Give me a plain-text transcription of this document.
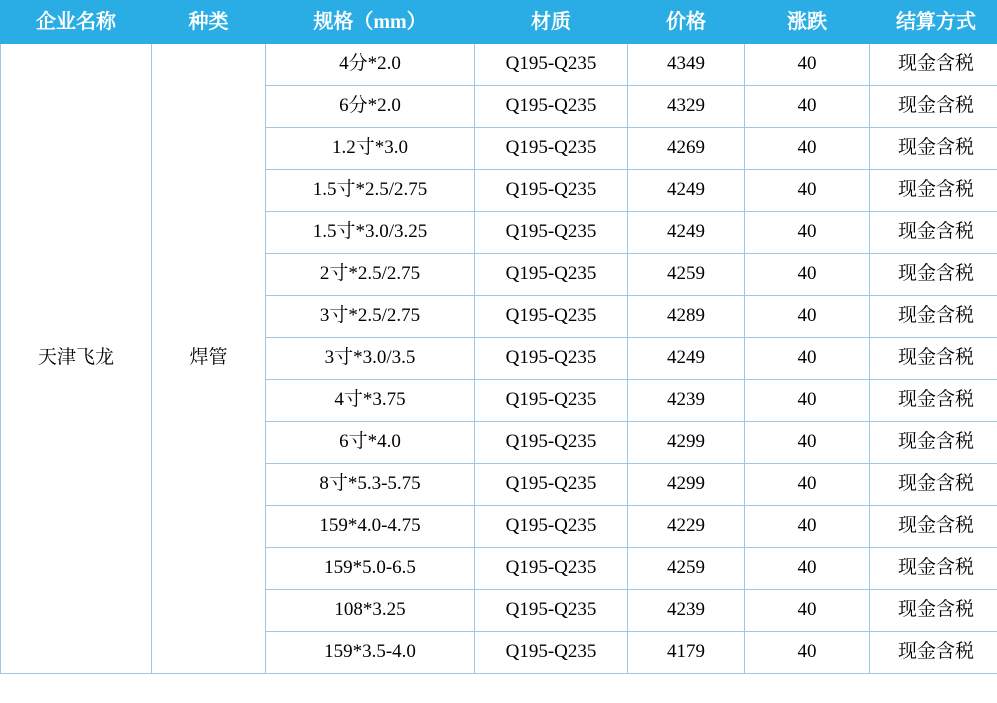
企业名称	种类	规格（mm）	材质	价格	涨跌	结算方式
天津飞龙	焊管	4分*2.0	Q195-Q235	4349	40	现金含税
		6分*2.0	Q195-Q235	4329	40	现金含税
		1.2寸*3.0	Q195-Q235	4269	40	现金含税
		1.5寸*2.5/2.75	Q195-Q235	4249	40	现金含税
		1.5寸*3.0/3.25	Q195-Q235	4249	40	现金含税
		2寸*2.5/2.75	Q195-Q235	4259	40	现金含税
		3寸*2.5/2.75	Q195-Q235	4289	40	现金含税
		3寸*3.0/3.5	Q195-Q235	4249	40	现金含税
		4寸*3.75	Q195-Q235	4239	40	现金含税
		6寸*4.0	Q195-Q235	4299	40	现金含税
		8寸*5.3-5.75	Q195-Q235	4299	40	现金含税
		159*4.0-4.75	Q195-Q235	4229	40	现金含税
		159*5.0-6.5	Q195-Q235	4259	40	现金含税
		108*3.25	Q195-Q235	4239	40	现金含税
		159*3.5-4.0	Q195-Q235	4179	40	现金含税
